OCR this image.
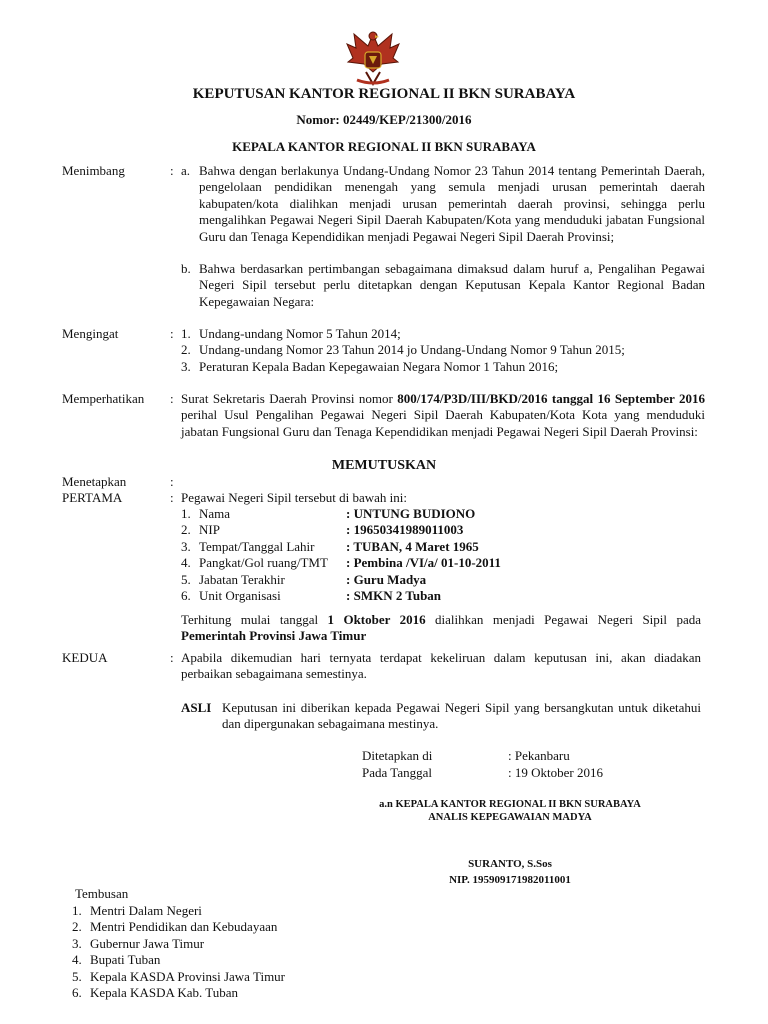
KEPUTUSAN KANTOR REGIONAL II BKN SURABAYA
Nomor: 02449/KEP/21300/2016
KEPALA KANTOR REGIONAL II BKN SURABAYA
Menimbang	: a. Bahwa dengan berlakunya Undang-Undang Nomor 23 Tahun 2014 tentang Pemerintah Daerah, pengelolaan pendidikan menengah yang semula menjadi urusan pemerintah daerah kabupaten/kota dialihkan menjadi urusan pemerintah daerah provinsi, sehingga perlu mengalihkan Pegawai Negeri Sipil Daerah Kabupaten/Kota yang menduduki jabatan Fungsional Guru dan Tenaga Kependidikan menjadi Pegawai Negeri Sipil Daerah Provinsi;
b. Bahwa berdasarkan pertimbangan sebagaimana dimaksud dalam huruf a, Pengalihan Pegawai Negeri Sipil tersebut perlu ditetapkan dengan Keputusan Kepala Kantor Regional Badan Kepegawaian Negara:
Mengingat	: 1. Undang-undang Nomor 5 Tahun 2014;
2. Undang-undang Nomor 23 Tahun 2014 jo Undang-Undang Nomor 9 Tahun 2015;
3. Peraturan Kepala Badan Kepegawaian Negara Nomor 1 Tahun 2016;
Memperhatikan : Surat Sekretaris Daerah Provinsi nomor 800/174/P3D/III/BKD/2016 tanggal 16 September 2016 perihal Usul Pengalihan Pegawai Negeri Sipil Daerah Kabupaten/Kota Kota yang menduduki jabatan Fungsional Guru dan Tenaga Kependidikan menjadi Pegawai Negeri Sipil Daerah Provinsi:
MEMUTUSKAN
Menetapkan	:
PERTAMA	: Pegawai Negeri Sipil tersebut di bawah ini:
1. Nama	: UNTUNG BUDIONO
2. NIP	: 19650341989011003
3. Tempat/Tanggal Lahir : TUBAN, 4 Maret 1965
4. Pangkat/Gol ruang/TMT : Pembina /VI/a/ 01-10-2011
5. Jabatan Terakhir	: Guru Madya
6. Unit Organisasi	: SMKN 2 Tuban
Terhitung mulai tanggal 1 Oktober 2016 dialihkan menjadi Pegawai Negeri Sipil pada Pemerintah Provinsi Jawa Timur
KEDUA	: Apabila dikemudian hari ternyata terdapat kekeliruan dalam keputusan ini, akan diadakan perbaikan sebagaimana semestinya.
ASLI Keputusan ini diberikan kepada Pegawai Negeri Sipil yang bersangkutan untuk diketahui dan dipergunakan sebagaimana mestinya.
Ditetapkan di	: Pekanbaru
Pada Tanggal	: 19 Oktober 2016
a.n KEPALA KANTOR REGIONAL II BKN SURABAYA
ANALIS KEPEGAWAIAN MADYA
SURANTO, S.Sos
NIP. 195909171982011001
Tembusan
1. Mentri Dalam Negeri
2. Mentri Pendidikan dan Kebudayaan
3. Gubernur Jawa Timur
4. Bupati Tuban
5. Kepala KASDA Provinsi Jawa Timur
6. Kepala KASDA Kab. Tuban
